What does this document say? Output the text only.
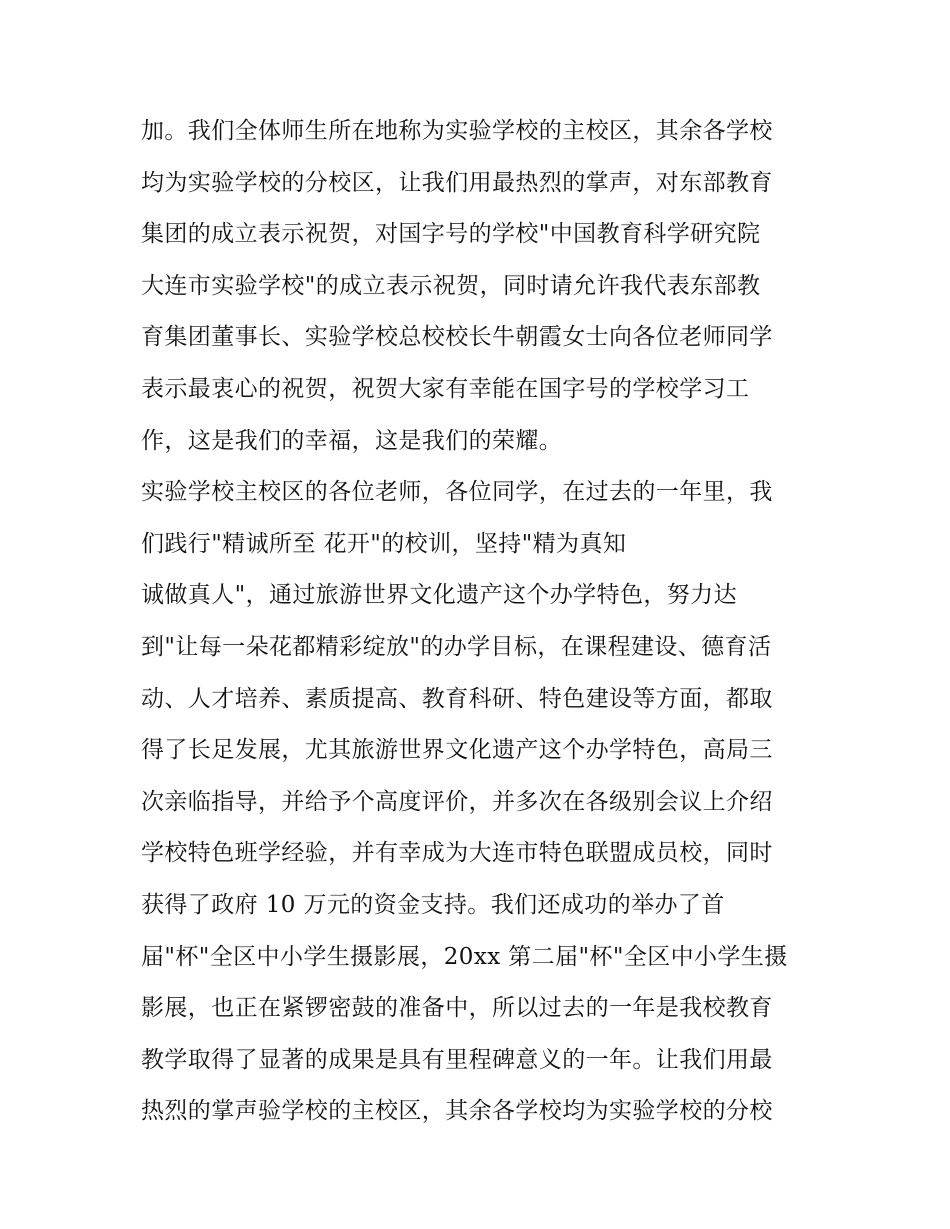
加。我们全体师生所在地称为实验学校的主校区，其余各学校
均为实验学校的分校区，让我们用最热烈的掌声，对东部教育
集团的成立表示祝贺，对国字号的学校"中国教育科学研究院
大连市实验学校"的成立表示祝贺，同时请允许我代表东部教
育集团董事长、实验学校总校校长牛朝霞女士向各位老师同学
表示最衷心的祝贺，祝贺大家有幸能在国字号的学校学习工
作，这是我们的幸福，这是我们的荣耀。
实验学校主校区的各位老师，各位同学，在过去的一年里，我
们践行"精诚所至 花开"的校训，坚持"精为真知
诚做真人"，通过旅游世界文化遗产这个办学特色，努力达
到"让每一朵花都精彩绽放"的办学目标，在课程建设、德育活
动、人才培养、素质提高、教育科研、特色建设等方面，都取
得了长足发展，尤其旅游世界文化遗产这个办学特色，高局三
次亲临指导，并给予个高度评价，并多次在各级别会议上介绍
学校特色班学经验，并有幸成为大连市特色联盟成员校，同时
获得了政府 10 万元的资金支持。我们还成功的举办了首
届"杯"全区中小学生摄影展，20xx 第二届"杯"全区中小学生摄
影展，也正在紧锣密鼓的准备中，所以过去的一年是我校教育
教学取得了显著的成果是具有里程碑意义的一年。让我们用最
热烈的掌声验学校的主校区，其余各学校均为实验学校的分校
